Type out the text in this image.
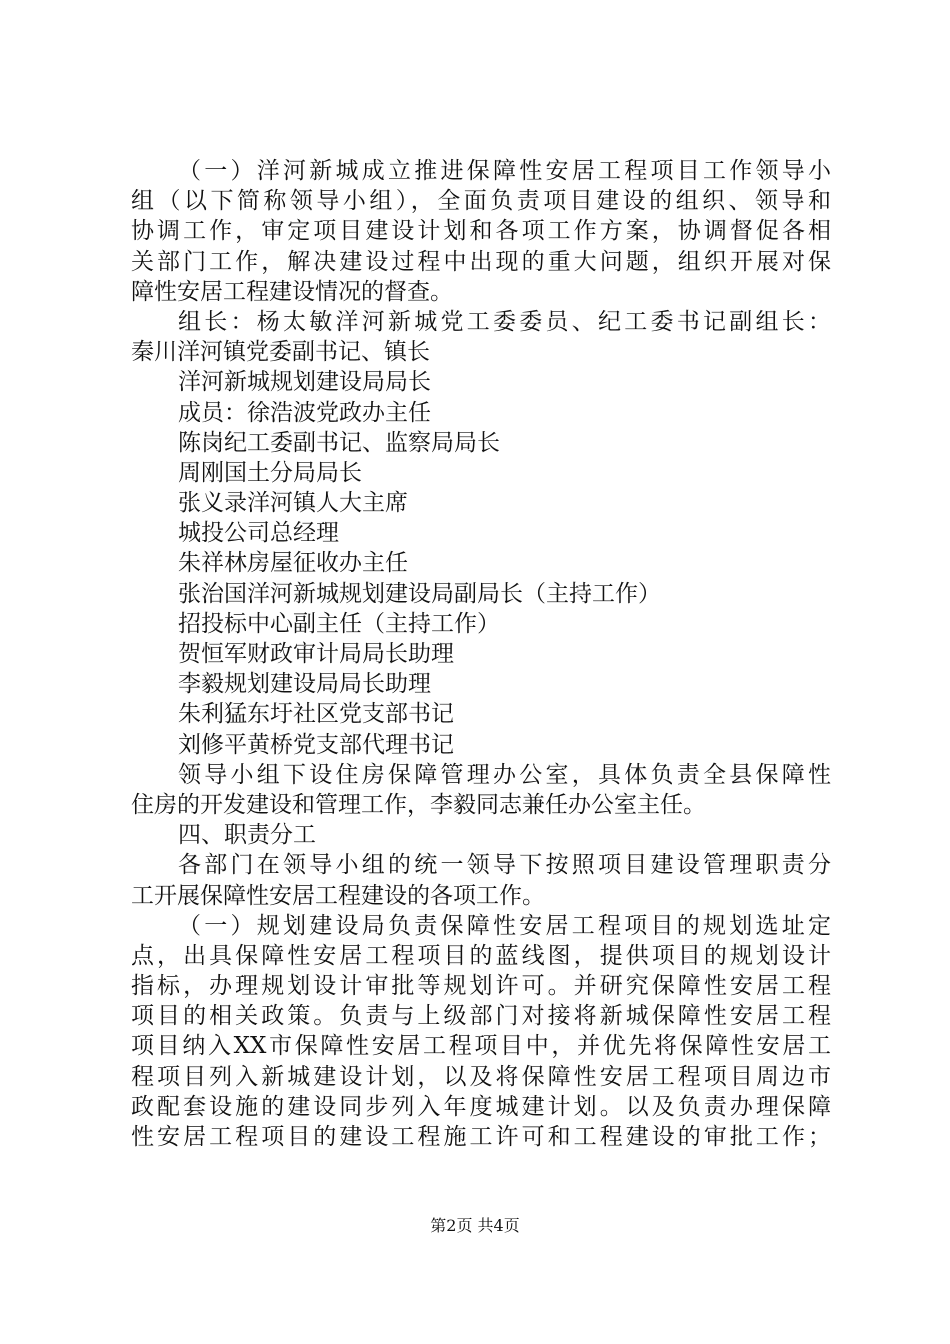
（一）洋河新城成立推进保障性安居工程项目工作领导小
组（以下简称领导小组），全面负责项目建设的组织、领导和
协调工作，审定项目建设计划和各项工作方案，协调督促各相
关部门工作，解决建设过程中出现的重大问题，组织开展对保
障性安居工程建设情况的督查。
组长：杨太敏洋河新城党工委委员、纪工委书记副组长：
秦川洋河镇党委副书记、镇长
洋河新城规划建设局局长
成员：徐浩波党政办主任
陈岗纪工委副书记、监察局局长
周刚国土分局局长
张义录洋河镇人大主席
城投公司总经理
朱祥林房屋征收办主任
张治国洋河新城规划建设局副局长（主持工作）
招投标中心副主任（主持工作）
贺恒军财政审计局局长助理
李毅规划建设局局长助理
朱利猛东圩社区党支部书记
刘修平黄桥党支部代理书记
领导小组下设住房保障管理办公室，具体负责全县保障性
住房的开发建设和管理工作，李毅同志兼任办公室主任。
四、职责分工
各部门在领导小组的统一领导下按照项目建设管理职责分
工开展保障性安居工程建设的各项工作。
（一）规划建设局负责保障性安居工程项目的规划选址定
点，出具保障性安居工程项目的蓝线图，提供项目的规划设计
指标，办理规划设计审批等规划许可。并研究保障性安居工程
项目的相关政策。负责与上级部门对接将新城保障性安居工程
项目纳入XX市保障性安居工程项目中，并优先将保障性安居工
程项目列入新城建设计划，以及将保障性安居工程项目周边市
政配套设施的建设同步列入年度城建计划。以及负责办理保障
性安居工程项目的建设工程施工许可和工程建设的审批工作；
第2页 共4页
